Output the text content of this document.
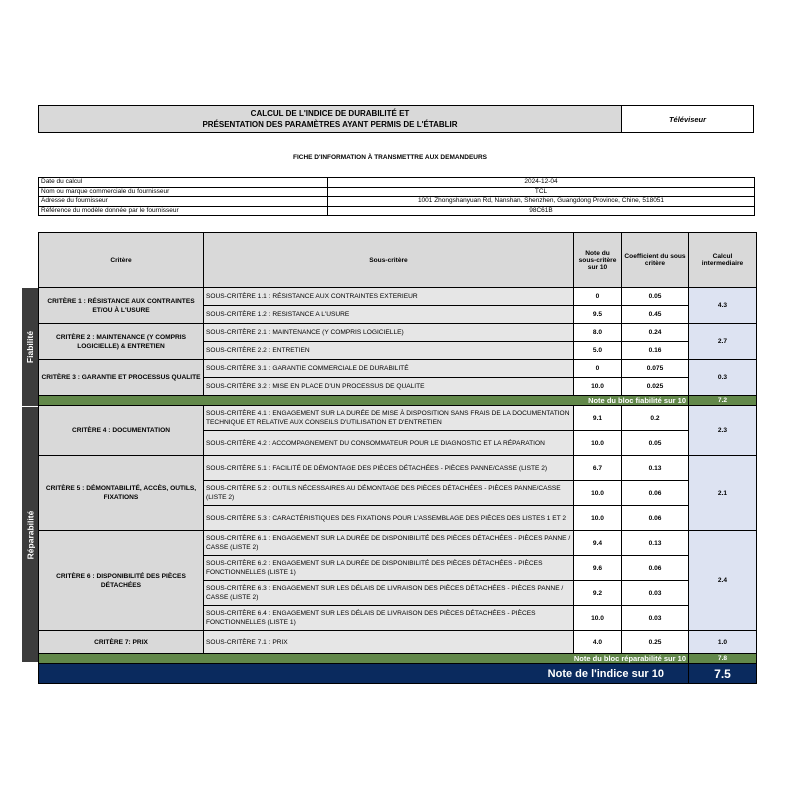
CALCUL DE L'INDICE DE DURABILITÉ ET
PRÉSENTATION DES PARAMÈTRES AYANT PERMIS DE L'ÉTABLIR
Téléviseur
FICHE D'INFORMATION À TRANSMETTRE AUX DEMANDEURS
Date du calcul	2024-12-04
Nom ou marque commerciale du fournisseur	TCL
Adresse du fournisseur	1001 Zhongshanyuan Rd, Nanshan, Shenzhen, Guangdong Province, Chine, 518051
Référence du modèle donnée par le fournisseur	98C61B
Fiabilité
Réparabilité
Critère	Sous-critère	Note du sous-critère sur 10	Coefficient du sous critère	Calcul intermediaire
CRITÈRE 1 : RÉSISTANCE AUX CONTRAINTES ET/OU À L'USURE	SOUS-CRITÈRE 1.1 : RÉSISTANCE AUX CONTRAINTES EXTERIEUR	0	0.05	4.3
	SOUS-CRITÈRE 1.2 : RESISTANCE A L'USURE	9.5	0.45	
CRITÈRE 2 : MAINTENANCE (Y COMPRIS LOGICIELLE) & ENTRETIEN	SOUS-CRITÈRE 2.1 : MAINTENANCE (Y COMPRIS LOGICIELLE)	8.0	0.24	2.7
	SOUS-CRITÈRE 2.2 : ENTRETIEN	5.0	0.16	
CRITÈRE 3 : GARANTIE ET PROCESSUS QUALITE	SOUS-CRITÈRE 3.1 : GARANTIE COMMERCIALE DE DURABILITÉ	0	0.075	0.3
	SOUS-CRITÈRE 3.2 : MISE EN PLACE D'UN PROCESSUS DE QUALITE	10.0	0.025	
Note du bloc fiabilité sur 10				7.2
CRITÈRE 4 : DOCUMENTATION	SOUS-CRITÈRE 4.1 : ENGAGEMENT SUR LA DURÉE DE MISE À DISPOSITION SANS FRAIS DE LA DOCUMENTATION TECHNIQUE ET RELATIVE AUX CONSEILS D'UTILISATION ET D'ENTRETIEN	9.1	0.2	2.3
	SOUS-CRITÈRE 4.2 : ACCOMPAGNEMENT DU CONSOMMATEUR POUR LE DIAGNOSTIC ET LA RÉPARATION	10.0	0.05	
CRITÈRE 5 : DÉMONTABILITÉ, ACCÈS, OUTILS, FIXATIONS	SOUS-CRITÈRE 5.1 : FACILITÉ DE DÉMONTAGE DES PIÈCES DÉTACHÉES - PIÈCES PANNE/CASSE (LISTE 2)	6.7	0.13	2.1
	SOUS-CRITÈRE 5.2 : OUTILS NÉCESSAIRES AU DÉMONTAGE DES PIÈCES DÉTACHÉES - PIÈCES PANNE/CASSE (LISTE 2)	10.0	0.06	
	SOUS-CRITÈRE 5.3 : CARACTÉRISTIQUES DES FIXATIONS POUR L'ASSEMBLAGE DES PIÈCES DES LISTES 1 ET 2	10.0	0.06	
CRITÈRE 6 : DISPONIBILITÉ DES PIÈCES DÉTACHÉES	SOUS-CRITÈRE 6.1 : ENGAGEMENT SUR LA DURÉE DE DISPONIBILITÉ DES PIÈCES DÉTACHÉES - PIÈCES PANNE / CASSE (LISTE 2)	9.4	0.13	2.4
	SOUS-CRITÈRE 6.2 : ENGAGEMENT SUR LA DURÉE DE DISPONIBILITÉ DES PIÈCES DÉTACHÉES - PIÈCES FONCTIONNELLES (LISTE 1)	9.6	0.06	
	SOUS-CRITÈRE 6.3 : ENGAGEMENT SUR LES DÉLAIS DE LIVRAISON DES PIÈCES DÉTACHÉES - PIÈCES PANNE / CASSE (LISTE 2)	9.2	0.03	
	SOUS-CRITÈRE 6.4 : ENGAGEMENT SUR LES DÉLAIS DE LIVRAISON DES PIÈCES DÉTACHÉES - PIÈCES FONCTIONNELLES (LISTE 1)	10.0	0.03	
CRITÈRE 7: PRIX	SOUS-CRITÈRE 7.1 : PRIX	4.0	0.25	1.0
Note du bloc réparabilité sur 10				7.8
Note de l'indice sur 10				7.5
